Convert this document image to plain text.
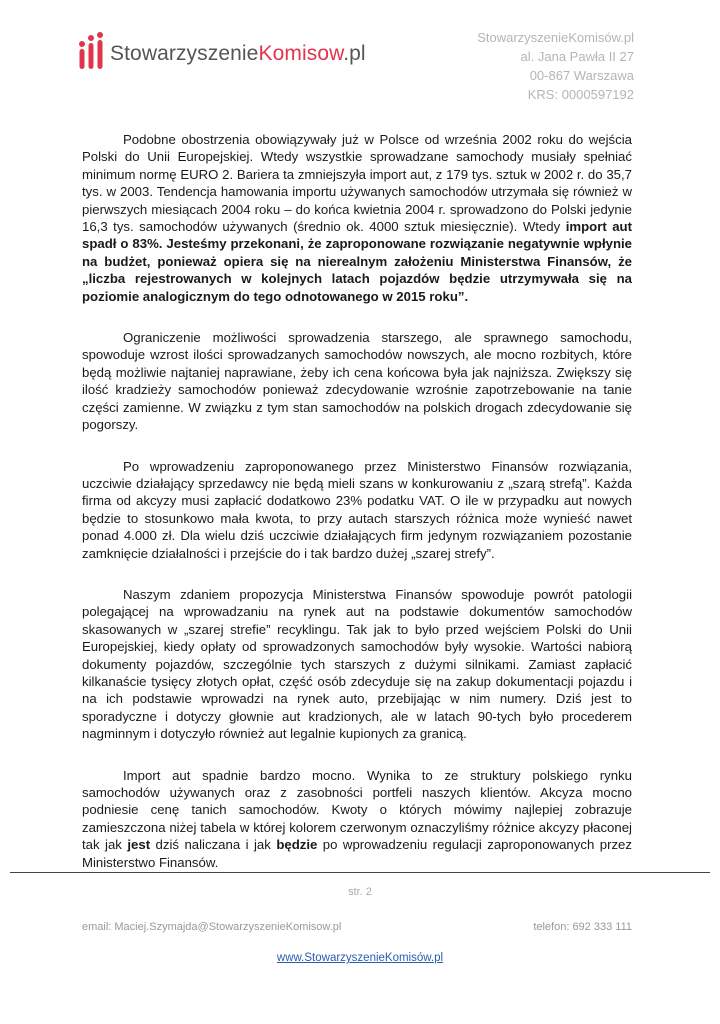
StowarzyszenieKomisow.pl
StowarzyszenieKomisów.pl
al. Jana Pawła II 27
00-867 Warszawa
KRS: 0000597192

Podobne obostrzenia obowiązywały już w Polsce od września 2002 roku do wejścia Polski do Unii Europejskiej. Wtedy wszystkie sprowadzane samochody musiały spełniać minimum normę EURO 2. Bariera ta zmniejszyła import aut, z 179 tys. sztuk w 2002 r. do 35,7 tys. w 2003. Tendencja hamowania importu używanych samochodów utrzymała się również w pierwszych miesiącach 2004 roku – do końca kwietnia 2004 r. sprowadzono do Polski jedynie 16,3 tys. samochodów używanych (średnio ok. 4000 sztuk miesięcznie). Wtedy import aut spadł o 83%. Jesteśmy przekonani, że zaproponowane rozwiązanie negatywnie wpłynie na budżet, ponieważ opiera się na nierealnym założeniu Ministerstwa Finansów, że „liczba rejestrowanych w kolejnych latach pojazdów będzie utrzymywała się na poziomie analogicznym do tego odnotowanego w 2015 roku”.

Ograniczenie możliwości sprowadzenia starszego, ale sprawnego samochodu, spowoduje wzrost ilości sprowadzanych samochodów nowszych, ale mocno rozbitych, które będą możliwie najtaniej naprawiane, żeby ich cena końcowa była jak najniższa. Zwiększy się ilość kradzieży samochodów ponieważ zdecydowanie wzrośnie zapotrzebowanie na tanie części zamienne. W związku z tym stan samochodów na polskich drogach zdecydowanie się pogorszy.

Po wprowadzeniu zaproponowanego przez Ministerstwo Finansów rozwiązania, uczciwie działający sprzedawcy nie będą mieli szans w konkurowaniu z „szarą strefą”. Każda firma od akcyzy musi zapłacić dodatkowo 23% podatku VAT. O ile w przypadku aut nowych będzie to stosunkowo mała kwota, to przy autach starszych różnica może wynieść nawet ponad 4.000 zł. Dla wielu dziś uczciwie działających firm jedynym rozwiązaniem pozostanie zamknięcie działalności i przejście do i tak bardzo dużej „szarej strefy”.

Naszym zdaniem propozycja Ministerstwa Finansów spowoduje powrót patologii polegającej na wprowadzaniu na rynek aut na podstawie dokumentów samochodów skasowanych w „szarej strefie” recyklingu. Tak jak to było przed wejściem Polski do Unii Europejskiej, kiedy opłaty od sprowadzonych samochodów były wysokie. Wartości nabiorą dokumenty pojazdów, szczególnie tych starszych z dużymi silnikami. Zamiast zapłacić kilkanaście tysięcy złotych opłat, część osób zdecyduje się na zakup dokumentacji pojazdu i na ich podstawie wprowadzi na rynek auto, przebijając w nim numery. Dziś jest to sporadyczne i dotyczy głownie aut kradzionych, ale w latach 90-tych było procederem nagminnym i dotyczyło również aut legalnie kupionych za granicą.

Import aut spadnie bardzo mocno. Wynika to ze struktury polskiego rynku samochodów używanych oraz z zasobności portfeli naszych klientów. Akcyza mocno podniesie cenę tanich samochodów. Kwoty o których mówimy najlepiej zobrazuje zamieszczona niżej tabela w której kolorem czerwonym oznaczyliśmy różnice akcyzy płaconej tak jak jest dziś naliczana i jak będzie po wprowadzeniu regulacji zaproponowanych przez Ministerstwo Finansów.

str. 2
email: Maciej.Szymajda@StowarzyszenieKomisow.pl	telefon: 692 333 111
www.StowarzyszenieKomisów.pl
